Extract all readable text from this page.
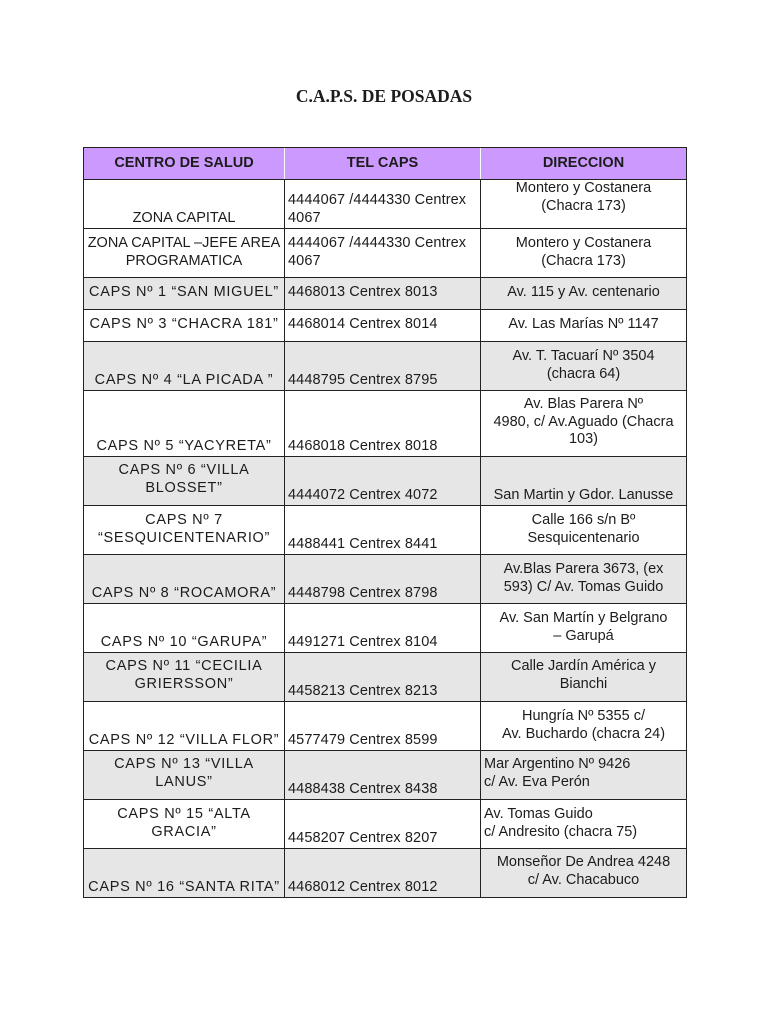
C.A.P.S. DE POSADAS
CENTRO DE SALUD	TEL CAPS	DIRECCION
ZONA CAPITAL	4444067 /4444330 Centrex 4067	Montero y Costanera
(Chacra 173)
ZONA CAPITAL –JEFE AREA PROGRAMATICA	4444067 /4444330 Centrex 4067	Montero y Costanera
(Chacra 173)
CAPS Nº 1 “SAN MIGUEL”	4468013 Centrex 8013	Av. 115 y Av. centenario
CAPS Nº 3 “CHACRA 181”	4468014 Centrex 8014	Av. Las Marías Nº 1147
CAPS Nº 4 “LA PICADA ”	4448795 Centrex 8795	Av. T. Tacuarí Nº 3504
(chacra 64)
CAPS Nº 5 “YACYRETA”	4468018 Centrex 8018	Av. Blas Parera Nº
4980, c/ Av.Aguado (Chacra 103)
CAPS Nº 6 “VILLA BLOSSET”	4444072 Centrex 4072	San Martin y Gdor. Lanusse
CAPS Nº 7 “SESQUICENTENARIO”	4488441 Centrex 8441	Calle 166 s/n Bº
Sesquicentenario
CAPS Nº 8 “ROCAMORA”	4448798 Centrex 8798	Av.Blas Parera 3673, (ex
593) C/ Av. Tomas Guido
CAPS Nº 10 “GARUPA”	4491271 Centrex 8104	Av. San Martín y Belgrano
– Garupá
CAPS Nº 11 “CECILIA GRIERSSON”	4458213 Centrex 8213	Calle Jardín América y
Bianchi
CAPS Nº 12 “VILLA FLOR”	4577479 Centrex 8599	Hungría Nº 5355 c/
Av. Buchardo (chacra 24)
CAPS Nº 13 “VILLA LANUS”	4488438 Centrex 8438	Mar Argentino Nº 9426
c/ Av. Eva Perón
CAPS Nº 15 “ALTA GRACIA”	4458207 Centrex 8207	Av. Tomas Guido
c/ Andresito (chacra 75)
CAPS Nº 16 “SANTA RITA”	4468012 Centrex 8012	Monseñor De Andrea 4248
c/ Av. Chacabuco
